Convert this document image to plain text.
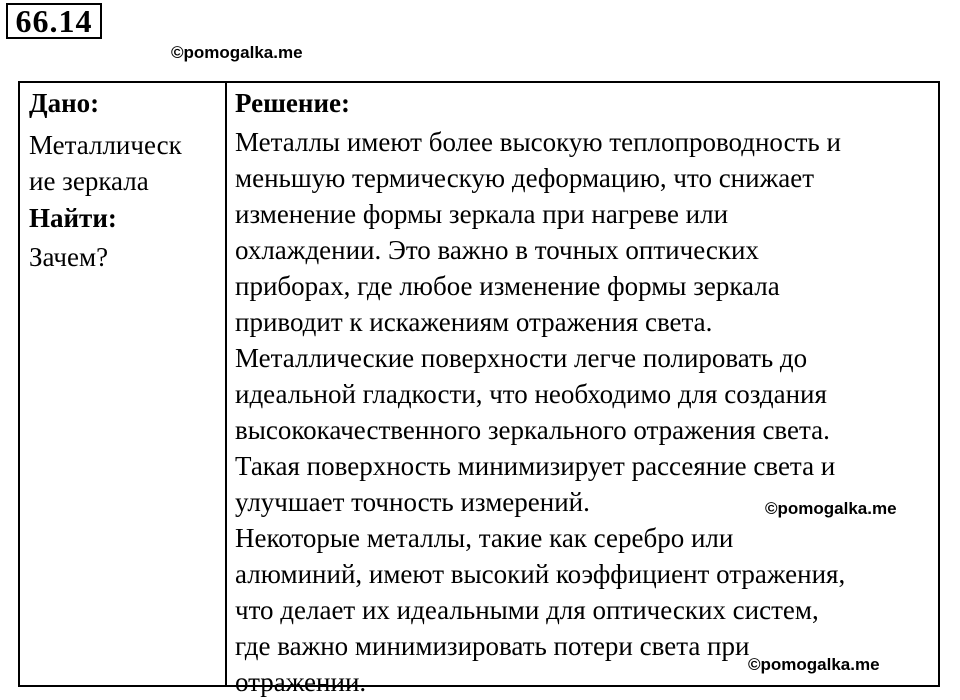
66.14
©pomogalka.me
Дано:
Металлическ
ие зеркала
Найти:
Зачем?
Решение:
Металлы имеют более высокую теплопроводность и
меньшую термическую деформацию, что снижает
изменение формы зеркала при нагреве или
охлаждении. Это важно в точных оптических
приборах, где любое изменение формы зеркала
приводит к искажениям отражения света.
Металлические поверхности легче полировать до
идеальной гладкости, что необходимо для создания
высококачественного зеркального отражения света.
Такая поверхность минимизирует рассеяние света и
улучшает точность измерений.
Некоторые металлы, такие как серебро или
алюминий, имеют высокий коэффициент отражения,
что делает их идеальными для оптических систем,
где важно минимизировать потери света при
отражении.
©pomogalka.me
©pomogalka.me
